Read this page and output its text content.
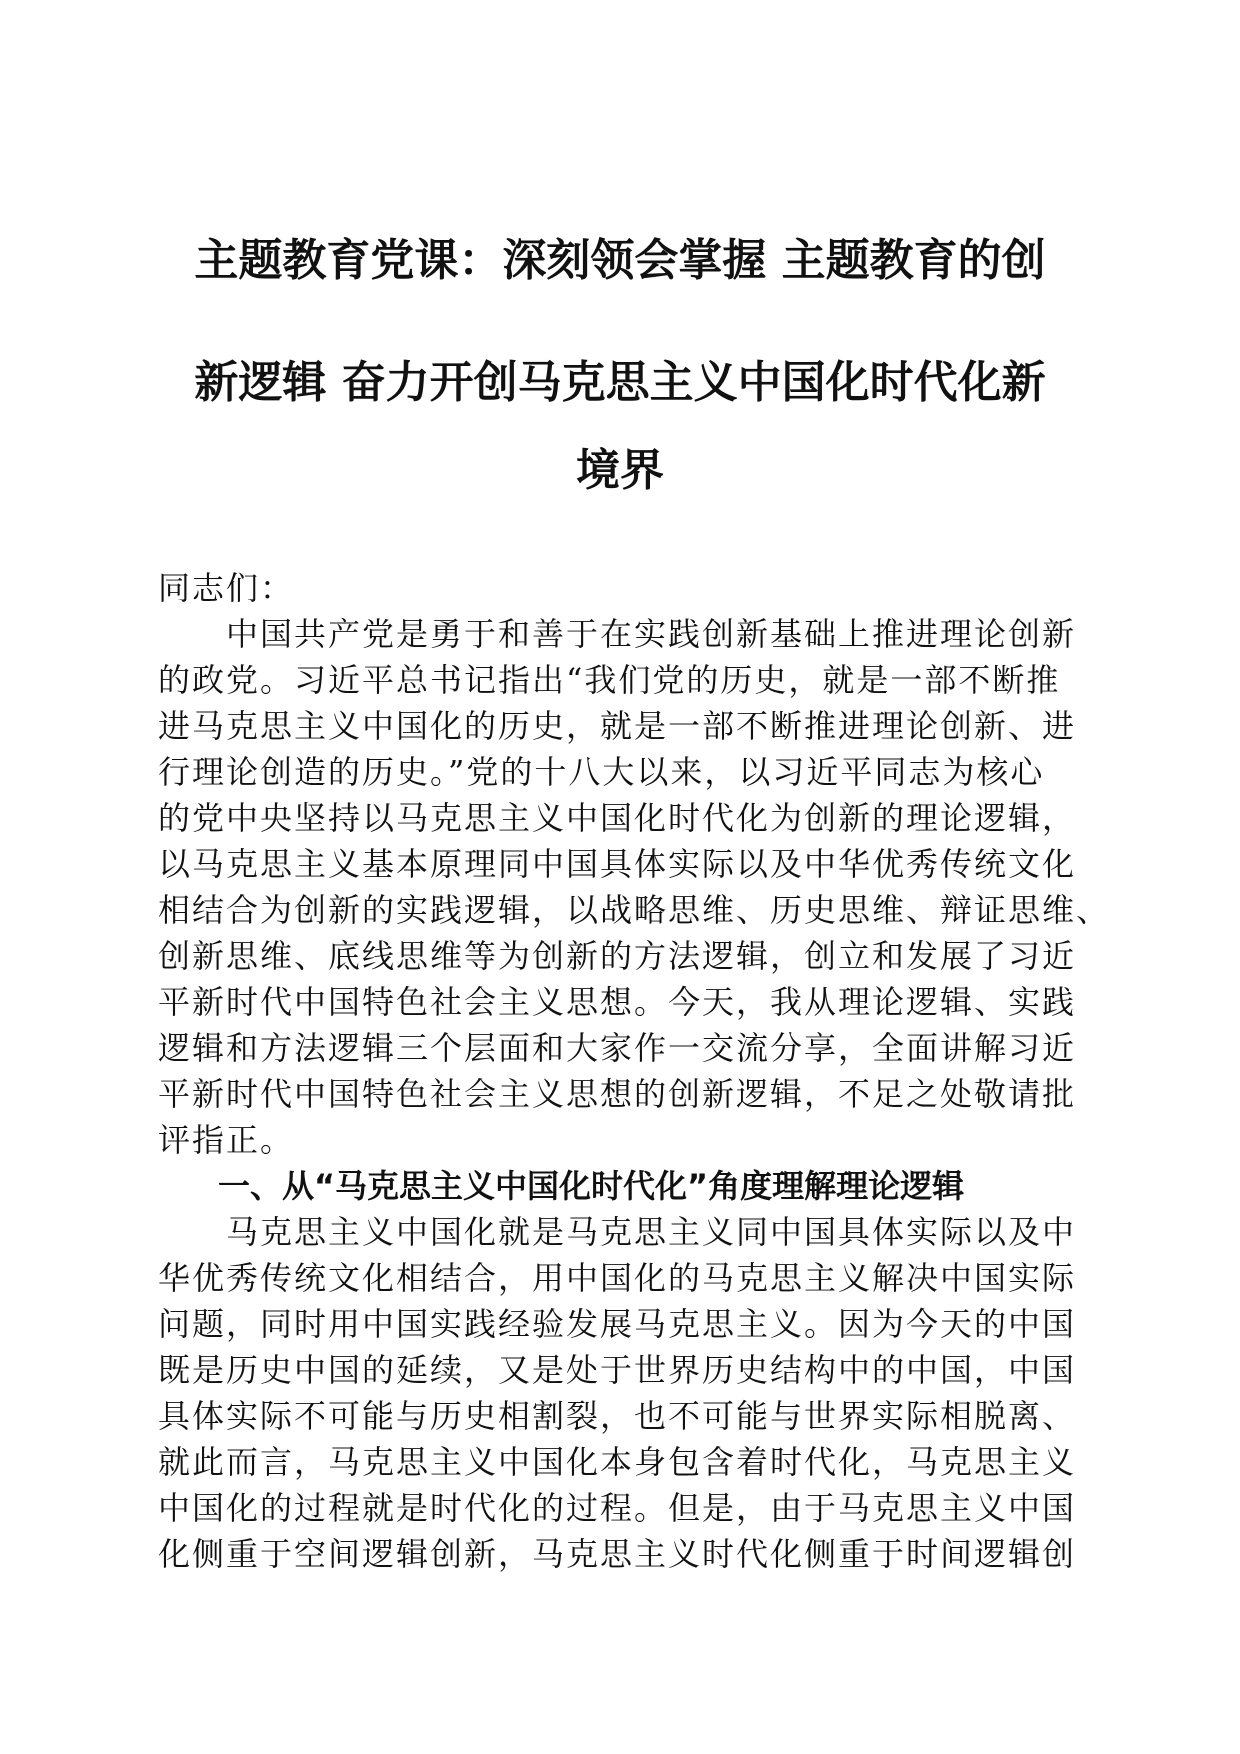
主题教育党课：深刻领会掌握 主题教育的创
新逻辑 奋力开创马克思主义中国化时代化新
境界
同志们：
中国共产党是勇于和善于在实践创新基础上推进理论创新
的政党。习近平总书记指出“我们党的历史，就是一部不断推
进马克思主义中国化的历史，就是一部不断推进理论创新、进
行理论创造的历史。”党的十八大以来，以习近平同志为核心
的党中央坚持以马克思主义中国化时代化为创新的理论逻辑，
以马克思主义基本原理同中国具体实际以及中华优秀传统文化
相结合为创新的实践逻辑，以战略思维、历史思维、辩证思维、
创新思维、底线思维等为创新的方法逻辑，创立和发展了习近
平新时代中国特色社会主义思想。今天，我从理论逻辑、实践
逻辑和方法逻辑三个层面和大家作一交流分享，全面讲解习近
平新时代中国特色社会主义思想的创新逻辑，不足之处敬请批
评指正。
一、从“马克思主义中国化时代化”角度理解理论逻辑
马克思主义中国化就是马克思主义同中国具体实际以及中
华优秀传统文化相结合，用中国化的马克思主义解决中国实际
问题，同时用中国实践经验发展马克思主义。因为今天的中国
既是历史中国的延续，又是处于世界历史结构中的中国，中国
具体实际不可能与历史相割裂，也不可能与世界实际相脱离、
就此而言，马克思主义中国化本身包含着时代化，马克思主义
中国化的过程就是时代化的过程。但是，由于马克思主义中国
化侧重于空间逻辑创新，马克思主义时代化侧重于时间逻辑创
